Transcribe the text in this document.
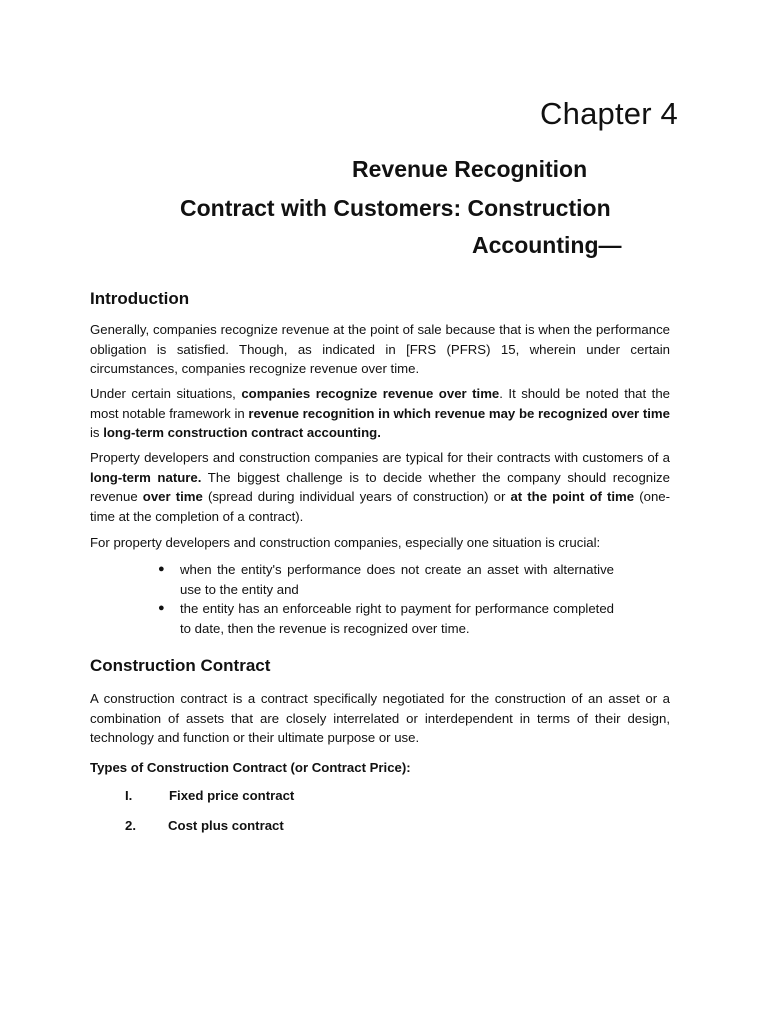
Chapter 4
Revenue Recognition
Contract with Customers: Construction
Accounting—
Introduction

Generally, companies recognize revenue at the point of sale because that is when the performance obligation is satisfied. Though, as indicated in [FRS (PFRS) 15, wherein under certain circumstances, companies recognize revenue over time.

Under certain situations, companies recognize revenue over time. It should be noted that the most notable framework in revenue recognition in which revenue may be recognized over time is long-term construction contract accounting.

Property developers and construction companies are typical for their contracts with customers of a long-term nature. The biggest challenge is to decide whether the company should recognize revenue over time (spread during individual years of construction) or at the point of time (one-time at the completion of a contract).

For property developers and construction companies, especially one situation is crucial:

● when the entity's performance does not create an asset with alternative use to the entity and
● the entity has an enforceable right to payment for performance completed to date, then the revenue is recognized over time.
Construction Contract

A construction contract is a contract specifically negotiated for the construction of an asset or a combination of assets that are closely interrelated or interdependent in terms of their design, technology and function or their ultimate purpose or use.

Types of Construction Contract (or Contract Price):

I.	Fixed price contract
2. Cost plus contract
